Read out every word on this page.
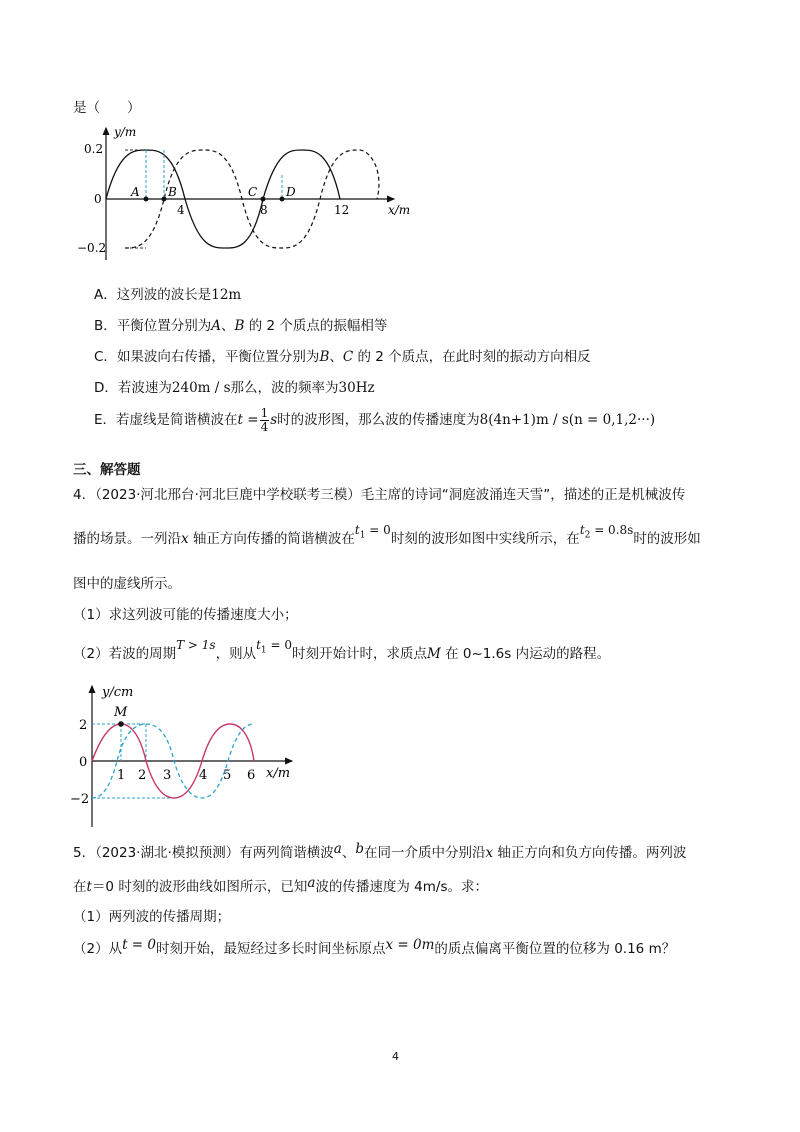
是（　　）
y/m
x/m
0.2
0
−0.2
4	8	12
A B	C D
A．这列波的波长是12m
B．平衡位置分别为A、B 的 2 个质点的振幅相等
C．如果波向右传播，平衡位置分别为B、C 的 2 个质点，在此时刻的振动方向相反
D．若波速为240m / s那么，波的频率为30Hz
E．若虚线是简谐横波在$t = \frac{1}{4}$ s时的波形图，那么波的传播速度为8(4n+1)m / s(n = 0,1,2···)
三、解答题
4．（2023·河北邢台·河北巨鹿中学校联考三模）毛主席的诗词“洞庭波涌连天雪”，描述的正是机械波传
播的场景。一列沿x 轴正方向传播的简谐横波在$t_1 = 0$时刻的波形如图中实线所示，在$t_2 = 0.8s$时的波形如
图中的虚线所示。
（1）求这列波可能的传播速度大小；
（2）若波的周期T > 1s，则从$t_1 = 0$时刻开始计时，求质点M 在 0~1.6s 内运动的路程。
y/cm
x/m
M
2
0
−2
1 2 3 4 5 6
5．（2023·湖北·模拟预测）有两列简谐横波a、b在同一介质中分别沿x 轴正方向和负方向传播。两列波
在t＝0 时刻的波形曲线如图所示，已知a波的传播速度为 4m/s。求：
（1）两列波的传播周期；
（2）从t = 0时刻开始，最短经过多长时间坐标原点x = 0m的质点偏离平衡位置的位移为 0.16 m？
4
